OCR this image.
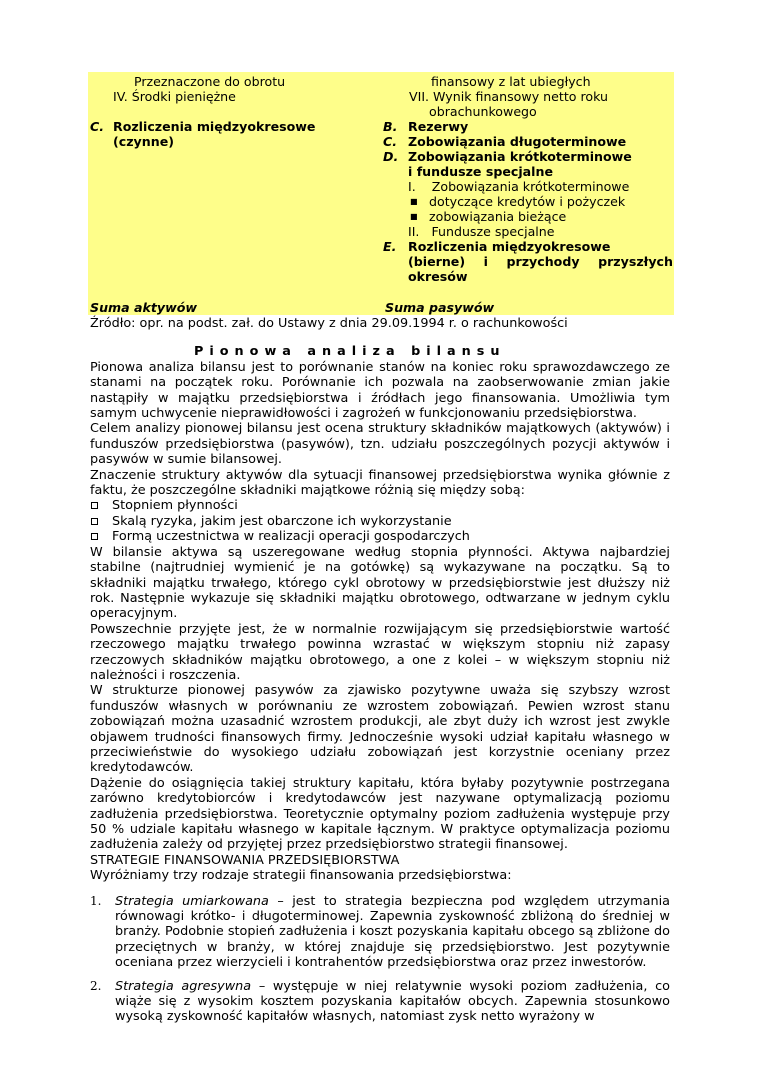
Przeznaczone do obrotu
IV. Środki pieniężne
C. Rozliczenia międzyokresowe
(czynne)
finansowy z lat ubiegłych
VII. Wynik finansowy netto roku
obrachunkowego
B. Rezerwy
C. Zobowiązania długoterminowe
D. Zobowiązania krótkoterminowe
i fundusze specjalne
I.    Zobowiązania krótkoterminowe
■ dotyczące kredytów i pożyczek
■ zobowiązania bieżące
II.   Fundusze specjalne
E. Rozliczenia międzyokresowe
(bierne) i przychody przyszłych
okresów
Suma aktywów	Suma pasywów

Źródło: opr. na podst. zał. do Ustawy z dnia 29.09.1994 r. o rachunkowości

Pionowa analiza bilansu

Pionowa analiza bilansu jest to porównanie stanów na koniec roku sprawozdawczego ze stanami na początek roku. Porównanie ich pozwala na zaobserwowanie zmian jakie nastąpiły w majątku przedsiębiorstwa i źródłach jego finansowania. Umożliwia tym samym uchwycenie nieprawidłowości i zagrożeń w funkcjonowaniu przedsiębiorstwa.

Celem analizy pionowej bilansu jest ocena struktury składników majątkowych (aktywów) i funduszów przedsiębiorstwa (pasywów), tzn. udziału poszczególnych pozycji aktywów i pasywów w sumie bilansowej.

Znaczenie struktury aktywów dla sytuacji finansowej przedsiębiorstwa wynika głównie z faktu, że poszczególne składniki majątkowe różnią się między sobą:

Stopniem płynności

Skalą ryzyka, jakim jest obarczone ich wykorzystanie

Formą uczestnictwa w realizacji operacji gospodarczych

W bilansie aktywa są uszeregowane według stopnia płynności. Aktywa najbardziej stabilne (najtrudniej wymienić je na gotówkę) są wykazywane na początku. Są to składniki majątku trwałego, którego cykl obrotowy w przedsiębiorstwie jest dłuższy niż rok. Następnie wykazuje się składniki majątku obrotowego, odtwarzane w jednym cyklu operacyjnym.

Powszechnie przyjęte jest, że w normalnie rozwijającym się przedsiębiorstwie wartość rzeczowego majątku trwałego powinna wzrastać w większym stopniu niż zapasy rzeczowych składników majątku obrotowego, a one z kolei – w większym stopniu niż należności i roszczenia.

W strukturze pionowej pasywów za zjawisko pozytywne uważa się szybszy wzrost funduszów własnych w porównaniu ze wzrostem zobowiązań. Pewien wzrost stanu zobowiązań można uzasadnić wzrostem produkcji, ale zbyt duży ich wzrost jest zwykle objawem trudności finansowych firmy. Jednocześnie wysoki udział kapitału własnego w przeciwieństwie do wysokiego udziału zobowiązań jest korzystnie oceniany przez kredytodawców.

Dążenie do osiągnięcia takiej struktury kapitału, która byłaby pozytywnie postrzegana zarówno kredytobiorców i kredytodawców jest nazywane optymalizacją poziomu zadłużenia przedsiębiorstwa. Teoretycznie optymalny poziom zadłużenia występuje przy 50 % udziale kapitału własnego w kapitale łącznym. W praktyce optymalizacja poziomu zadłużenia zależy od przyjętej przez przedsiębiorstwo strategii finansowej.

STRATEGIE FINANSOWANIA PRZEDSIĘBIORSTWA

Wyróżniamy trzy rodzaje strategii finansowania przedsiębiorstwa:

1. Strategia umiarkowana – jest to strategia bezpieczna pod względem utrzymania równowagi krótko- i długoterminowej. Zapewnia zyskowność zbliżoną do średniej w branży. Podobnie stopień zadłużenia i koszt pozyskania kapitału obcego są zbliżone do przeciętnych w branży, w której znajduje się przedsiębiorstwo. Jest pozytywnie oceniana przez wierzycieli i kontrahentów przedsiębiorstwa oraz przez inwestorów.

2. Strategia agresywna – występuje w niej relatywnie wysoki poziom zadłużenia, co wiąże się z wysokim kosztem pozyskania kapitałów obcych. Zapewnia stosunkowo wysoką zyskowność kapitałów własnych, natomiast zysk netto wyrażony w
